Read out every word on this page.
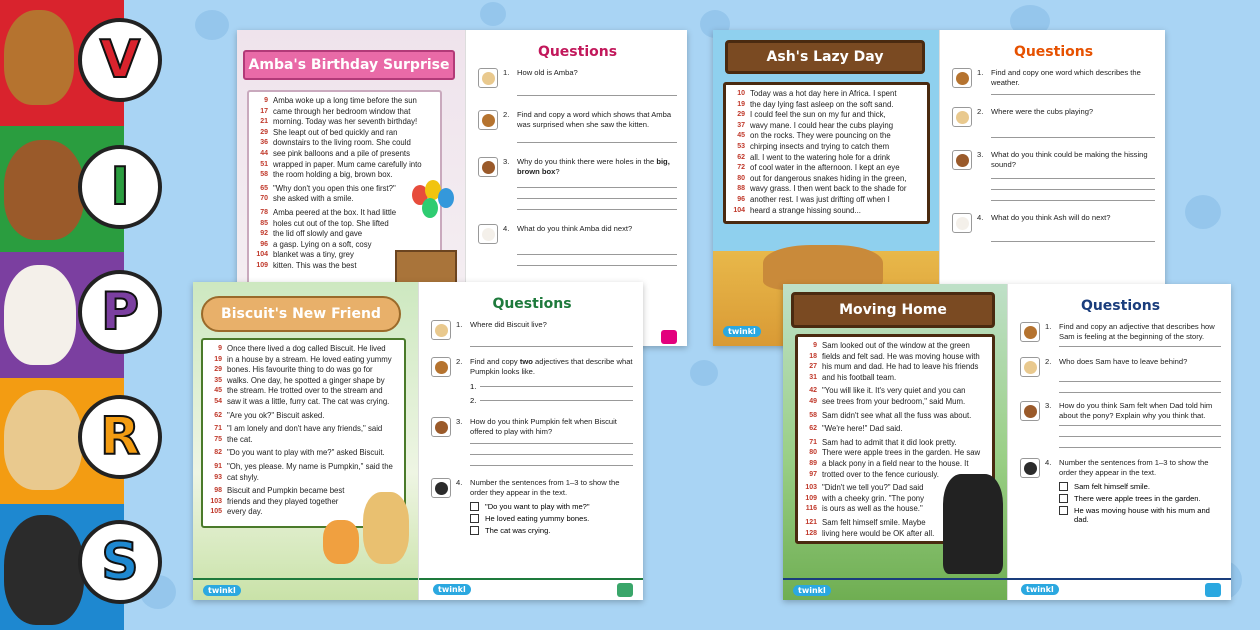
V
I
P
R
S
Amba's Birthday Surprise
9 Amba woke up a long time before the sun
17 came through her bedroom window that
21 morning. Today was her seventh birthday!
29 She leapt out of bed quickly and ran
36 downstairs to the living room. She could
44 see pink balloons and a pile of presents
51 wrapped in paper. Mum came carefully into
58 the room holding a big, brown box.
65 "Why don't you open this one first?"
70 she asked with a smile.
78 Amba peered at the box. It had little
85 holes cut out of the top. She lifted
92 the lid off slowly and gave
96 a gasp. Lying on a soft, cosy
104 blanket was a tiny, grey
109 kitten. This was the best
Questions
1.	How old is Amba?
2.	Find and copy a word which shows that Amba was surprised when she saw the kitten.
3.	Why do you think there were holes in the big, brown box?
4.	What do you think Amba did next?
Ash's Lazy Day
10 Today was a hot day here in Africa. I spent
19 the day lying fast asleep on the soft sand.
29 I could feel the sun on my fur and thick,
37 wavy mane. I could hear the cubs playing
45 on the rocks. They were pouncing on the
53 chirping insects and trying to catch them
62 all. I went to the watering hole for a drink
72 of cool water in the afternoon. I kept an eye
80 out for dangerous snakes hiding in the green,
88 wavy grass. I then went back to the shade for
96 another rest. I was just drifting off when I
104 heard a strange hissing sound...
twinkl
Questions
1.	Find and copy one word which describes the weather.
2.	Where were the cubs playing?
3.	What do you think could be making the hissing sound?
4.	What do you think Ash will do next?
Biscuit's New Friend
9 Once there lived a dog called Biscuit. He lived
19 in a house by a stream. He loved eating yummy
29 bones. His favourite thing to do was go for
35 walks. One day, he spotted a ginger shape by
45 the stream. He trotted over to the stream and
54 saw it was a little, furry cat. The cat was crying.
62 "Are you ok?" Biscuit asked.
71 "I am lonely and don't have any friends," said
75 the cat.
82 "Do you want to play with me?" asked Biscuit.
91 "Oh, yes please. My name is Pumpkin," said the
93 cat shyly.
98 Biscuit and Pumpkin became best
103 friends and they played together
105 every day.
Questions
1.	Where did Biscuit live?
2.	Find and copy two adjectives that describe what Pumpkin looks like.
1.
2.
3.	How do you think Pumpkin felt when Biscuit offered to play with him?
4.	Number the sentences from 1–3 to show the order they appear in the text.
"Do you want to play with me?"
He loved eating yummy bones.
The cat was crying.
twinkl	twinkl
Moving Home
9 Sam looked out of the window at the green
18 fields and felt sad. He was moving house with
27 his mum and dad. He had to leave his friends
31 and his football team.
42 "You will like it. It's very quiet and you can
49 see trees from your bedroom," said Mum.
58 Sam didn't see what all the fuss was about.
62 "We're here!" Dad said.
71 Sam had to admit that it did look pretty.
80 There were apple trees in the garden. He saw
89 a black pony in a field near to the house. It
97 trotted over to the fence curiously.
103 "Didn't we tell you?" Dad said
109 with a cheeky grin. "The pony
116 is ours as well as the house."
121 Sam felt himself smile. Maybe
128 living here would be OK after all.
Questions
1.	Find and copy an adjective that describes how Sam is feeling at the beginning of the story.
2.	Who does Sam have to leave behind?
3.	How do you think Sam felt when Dad told him about the pony? Explain why you think that.
4.	Number the sentences from 1–3 to show the order they appear in the text.
Sam felt himself smile.
There were apple trees in the garden.
He was moving house with his mum and dad.
twinkl	twinkl
